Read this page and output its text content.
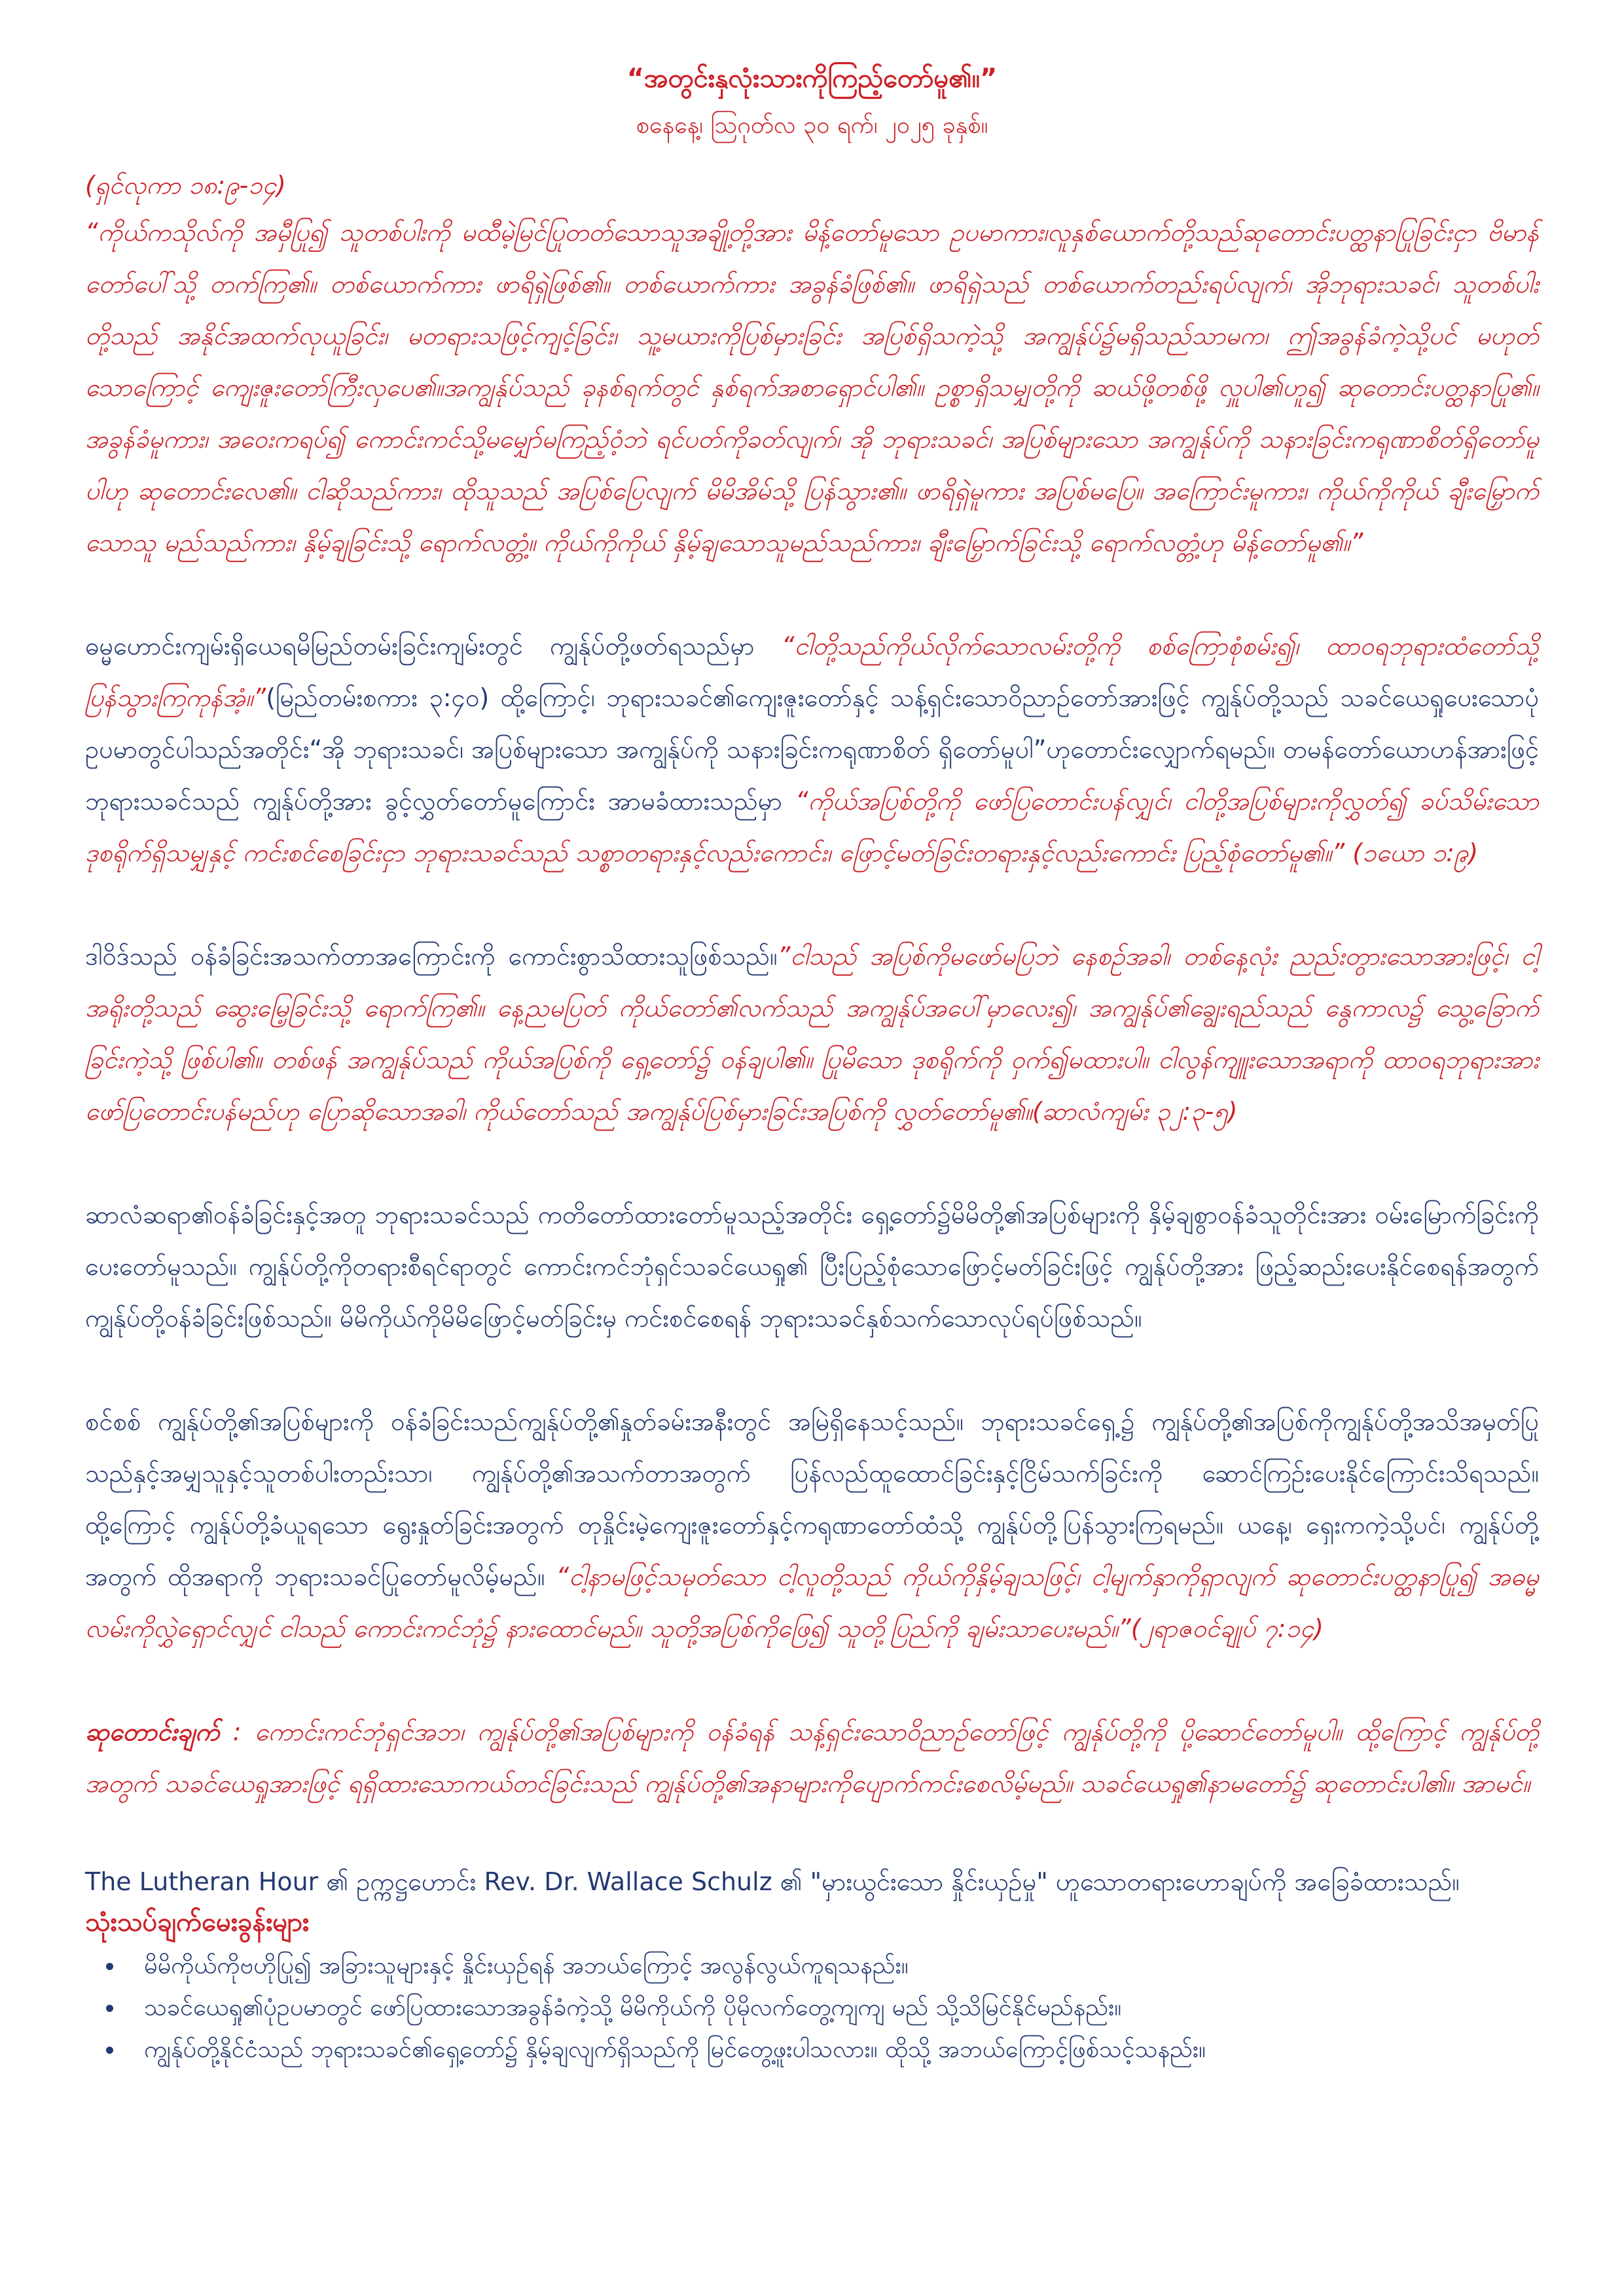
“အတွင်းနှလုံးသားကိုကြည့်တော်မူ၏။”
စနေနေ့၊ ဩဂုတ်လ ၃၀ ရက်၊ ၂၀၂၅ ခုနှစ်။
(ရှင်လုကာ ၁၈:၉-၁၄)

“ကိုယ်ကသိုလ်ကို အမှီပြု၍ သူတစ်ပါးကို မထီမဲ့မြင်ပြုတတ်သောသူအချို့တို့အား မိန့်တော်မူသော ဥပမာကား၊လူနှစ်ယောက်တို့သည်ဆုတောင်းပတ္ထနာပြုခြင်းငှာ ဗိမာန်တော်ပေါ်သို့ တက်ကြ၏။ တစ်ယောက်ကား ဖာရိရှဲဖြစ်၏။ တစ်ယောက်ကား အခွန်ခံဖြစ်၏။ ဖာရိရှဲသည် တစ်ယောက်တည်းရပ်လျက်၊ အိုဘုရားသခင်၊ သူတစ်ပါးတို့သည် အနိုင်အထက်လုယူခြင်း၊ မတရားသဖြင့်ကျင့်ခြင်း၊ သူ့မယားကိုပြစ်မှားခြင်း အပြစ်ရှိသကဲ့သို့ အကျွန်ုပ်၌မရှိသည်သာမက၊ ဤအခွန်ခံကဲ့သို့ပင် မဟုတ်သောကြောင့် ကျေးဇူးတော်ကြီးလှပေ၏။အကျွန်ုပ်သည် ခုနစ်ရက်တွင် နှစ်ရက်အစာရှောင်ပါ၏။ ဥစ္စာရှိသမျှတို့ကို ဆယ်ဖို့တစ်ဖို့ လှူပါ၏ဟူ၍ ဆုတောင်းပတ္ထနာပြု၏။ အခွန်ခံမူကား၊ အဝေးကရပ်၍ ကောင်းကင်သို့မမျှော်မကြည့်ဝံ့ဘဲ ရင်ပတ်ကိုခတ်လျက်၊ အို ဘုရားသခင်၊ အပြစ်များသော အကျွန်ုပ်ကို သနားခြင်းကရုဏာစိတ်ရှိတော်မူပါဟု ဆုတောင်းလေ၏။ ငါဆိုသည်ကား၊ ထိုသူသည် အပြစ်ပြေလျက် မိမိအိမ်သို့ ပြန်သွား၏။ ဖာရိရှဲမူကား အပြစ်မပြေ။ အကြောင်းမူကား၊ ကိုယ်ကိုကိုယ် ချီးမြှောက်သောသူ မည်သည်ကား၊ နှိမ့်ချခြင်းသို့ ရောက်လတ္တံ့။ ကိုယ်ကိုကိုယ် နှိမ့်ချသောသူမည်သည်ကား၊ ချီးမြှောက်ခြင်းသို့ ရောက်လတ္တံ့ဟု မိန့်တော်မူ၏။”

ဓမ္မဟောင်းကျမ်းရှိယေရမိမြည်တမ်းခြင်းကျမ်းတွင် ကျွန်ုပ်တို့ဖတ်ရသည်မှာ “ငါတို့သည်ကိုယ်လိုက်သောလမ်းတို့ကို စစ်ကြောစုံစမ်း၍၊ ထာဝရဘုရားထံတော်သို့ ပြန်သွားကြကုန်အံ့။”(မြည်တမ်းစကား ၃:၄၀) ထို့ကြောင့်၊ ဘုရားသခင်၏ကျေးဇူးတော်နှင့် သန့်ရှင်းသောဝိညာဉ်တော်အားဖြင့် ကျွန်ုပ်တို့သည် သခင်ယေရှုပေးသောပုံဥပမာတွင်ပါသည်အတိုင်း“အို ဘုရားသခင်၊ အပြစ်များသော အကျွန်ုပ်ကို သနားခြင်းကရုဏာစိတ် ရှိတော်မူပါ”ဟုတောင်းလျှောက်ရမည်။ တမန်တော်ယောဟန်အားဖြင့် ဘုရားသခင်သည် ကျွန်ုပ်တို့အား ခွင့်လွှတ်တော်မူကြောင်း အာမခံထားသည်မှာ “ကိုယ်အပြစ်တို့ကို ဖော်ပြတောင်းပန်လျှင်၊ ငါတို့အပြစ်များကိုလွှတ်၍ ခပ်သိမ်းသော ဒုစရိုက်ရှိသမျှနှင့် ကင်းစင်စေခြင်းငှာ ဘုရားသခင်သည် သစ္စာတရားနှင့်လည်းကောင်း၊ ဖြောင့်မတ်ခြင်းတရားနှင့်လည်းကောင်း ပြည့်စုံတော်မူ၏။” (၁ယော ၁:၉)

ဒါဝိဒ်သည် ဝန်ခံခြင်းအသက်တာအကြောင်းကို ကောင်းစွာသိထားသူဖြစ်သည်။”ငါသည် အပြစ်ကိုမဖော်မပြဘဲ နေစဉ်အခါ၊ တစ်နေ့လုံး ညည်းတွားသောအားဖြင့်၊ ငါ့အရိုးတို့သည် ဆွေးမြေ့ခြင်းသို့ ရောက်ကြ၏။ နေ့ညမပြတ် ကိုယ်တော်၏လက်သည် အကျွန်ုပ်အပေါ်မှာလေး၍၊ အကျွန်ုပ်၏ချွေးရည်သည် နွေကာလ၌ သွေ့ခြောက်ခြင်းကဲ့သို့ ဖြစ်ပါ၏။ တစ်ဖန် အကျွန်ုပ်သည် ကိုယ်အပြစ်ကို ရှေ့တော်၌ ဝန်ချပါ၏။ ပြုမိသော ဒုစရိုက်ကို ဝှက်၍မထားပါ။ ငါလွန်ကျူးသောအရာကို ထာဝရဘုရားအားဖော်ပြတောင်းပန်မည်ဟု ပြောဆိုသောအခါ၊ ကိုယ်တော်သည် အကျွန်ုပ်ပြစ်မှားခြင်းအပြစ်ကို လွှတ်တော်မူ၏။(ဆာလံကျမ်း ၃၂:၃-၅)

ဆာလံဆရာ၏ဝန်ခံခြင်းနှင့်အတူ ဘုရားသခင်သည် ကတိတော်ထားတော်မူသည့်အတိုင်း ရှေ့တော်၌မိမိတို့၏အပြစ်များကို နှိမ့်ချစွာဝန်ခံသူတိုင်းအား ဝမ်းမြောက်ခြင်းကိုပေးတော်မူသည်။ ကျွန်ုပ်တို့ကိုတရားစီရင်ရာတွင် ကောင်းကင်ဘုံရှင်သခင်ယေရှု၏ ပြီးပြည့်စုံသောဖြောင့်မတ်ခြင်းဖြင့် ကျွန်ုပ်တို့အား ဖြည့်ဆည်းပေးနိုင်စေရန်အတွက် ကျွန်ုပ်တို့ဝန်ခံခြင်းဖြစ်သည်။ မိမိကိုယ်ကိုမိမိဖြောင့်မတ်ခြင်းမှ ကင်းစင်စေရန် ဘုရားသခင်နှစ်သက်သောလုပ်ရပ်ဖြစ်သည်။

စင်စစ် ကျွန်ုပ်တို့၏အပြစ်များကို ဝန်ခံခြင်းသည်ကျွန်ုပ်တို့၏နှုတ်ခမ်းအနီးတွင် အမြဲရှိနေသင့်သည်။ ဘုရားသခင်ရှေ့၌ ကျွန်ုပ်တို့၏အပြစ်ကိုကျွန်ုပ်တို့အသိအမှတ်ပြုသည်နှင့်အမျှသူနှင့်သူတစ်ပါးတည်းသာ၊ ကျွန်ုပ်တို့၏အသက်တာအတွက် ပြန်လည်ထူထောင်ခြင်းနှင့်ငြိမ်သက်ခြင်းကို ဆောင်ကြဉ်းပေးနိုင်ကြောင်းသိရသည်။ ထို့ကြောင့် ကျွန်ုပ်တို့ခံယူရသော ရွေးနှုတ်ခြင်းအတွက် တုနှိုင်းမဲ့ကျေးဇူးတော်နှင့်ကရုဏာတော်ထံသို့ ကျွန်ုပ်တို့ပြန်သွားကြရမည်။ ယနေ့၊ ရှေးကကဲ့သို့ပင်၊ ကျွန်ုပ်တို့အတွက် ထိုအရာကို ဘုရားသခင်ပြုတော်မူလိမ့်မည်။ “ငါ့နာမဖြင့်သမုတ်သော ငါ့လူတို့သည် ကိုယ်ကိုနှိမ့်ချသဖြင့်၊ ငါ့မျက်နှာကိုရှာလျက် ဆုတောင်းပတ္ထနာပြု၍ အဓမ္မလမ်းကိုလွှဲရှောင်လျှင် ငါသည် ကောင်းကင်ဘုံ၌ နားထောင်မည်။ သူတို့အပြစ်ကိုဖြေ၍ သူတို့ပြည်ကို ချမ်းသာပေးမည်။”(၂ရာဇဝင်ချုပ် ၇:၁၄)

ဆုတောင်းချက် : ကောင်းကင်ဘုံရှင်အဘ၊ ကျွန်ုပ်တို့၏အပြစ်များကို ဝန်ခံရန် သန့်ရှင်းသောဝိညာဉ်တော်ဖြင့် ကျွန်ုပ်တို့ကို ပို့ဆောင်တော်မူပါ။ ထို့ကြောင့် ကျွန်ုပ်တို့အတွက် သခင်ယေရှုအားဖြင့် ရရှိထားသောကယ်တင်ခြင်းသည် ကျွန်ုပ်တို့၏အနာများကိုပျောက်ကင်းစေလိမ့်မည်။ သခင်ယေရှု၏နာမတော်၌ ဆုတောင်းပါ၏။ အာမင်။

The Lutheran Hour ၏ ဥက္ကဋ္ဌဟောင်း Rev. Dr. Wallace Schulz ၏ "မှားယွင်းသော နှိုင်းယှဉ်မှု" ဟူသောတရားဟောချပ်ကို အခြေခံထားသည်။

သုံးသပ်ချက်မေးခွန်းများ
• မိမိကိုယ်ကိုဗဟိုပြု၍ အခြားသူများနှင့် နှိုင်းယှဉ်ရန် အဘယ်ကြောင့် အလွန်လွယ်ကူရသနည်း။
• သခင်ယေရှု၏ပုံဥပမာတွင် ဖော်ပြထားသောအခွန်ခံကဲ့သို့ မိမိကိုယ်ကို ပိုမိုလက်တွေ့ကျကျ မည် သို့သိမြင်နိုင်မည်နည်း။
• ကျွန်ုပ်တို့နိုင်ငံသည် ဘုရားသခင်၏ရှေ့တော်၌ နှိမ့်ချလျက်ရှိသည်ကို မြင်တွေ့ဖူးပါသလား။ ထိုသို့ အဘယ်ကြောင့်ဖြစ်သင့်သနည်း။
